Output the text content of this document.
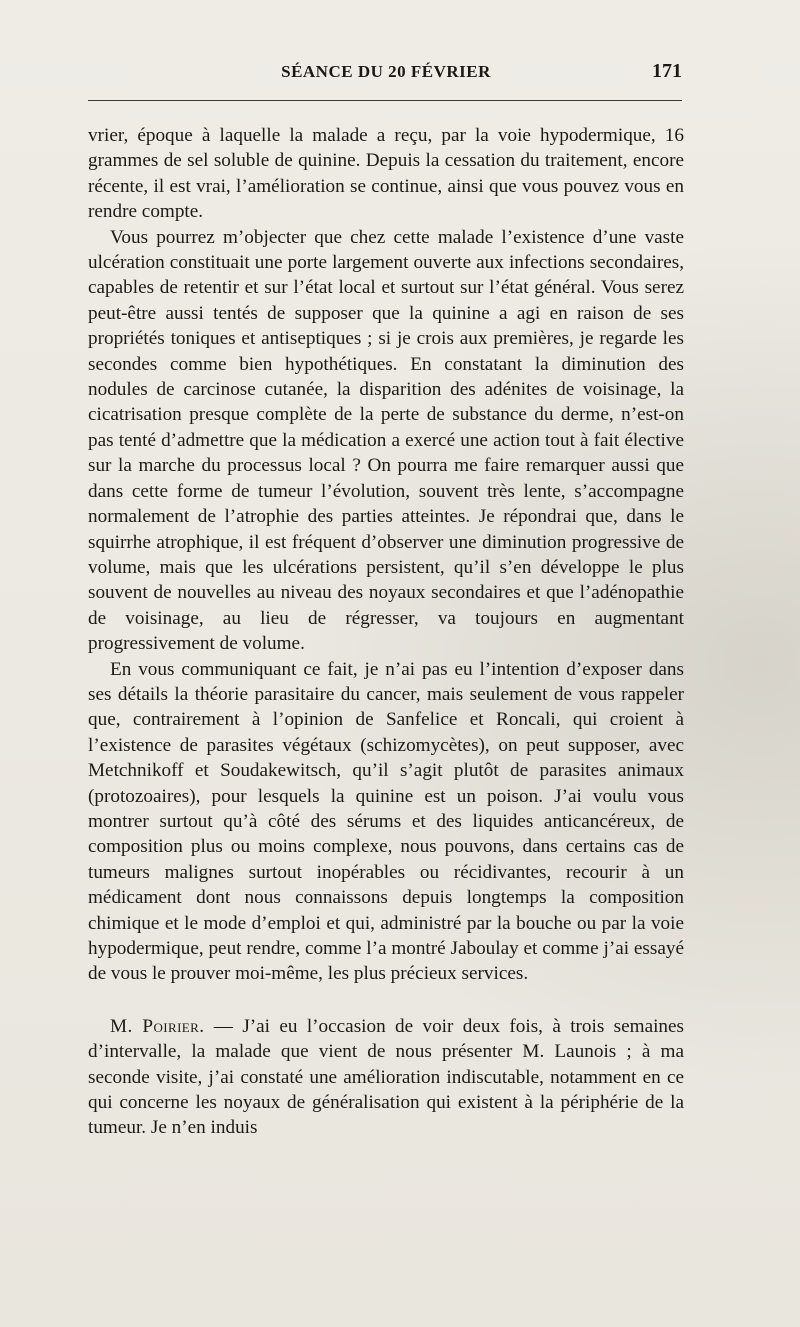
SÉANCE DU 20 FÉVRIER	171

vrier, époque à laquelle la malade a reçu, par la voie hypodermique, 16 grammes de sel soluble de quinine. Depuis la cessation du traitement, encore récente, il est vrai, l’amélioration se continue, ainsi que vous pouvez vous en rendre compte.

Vous pourrez m’objecter que chez cette malade l’existence d’une vaste ulcération constituait une porte largement ouverte aux infections secondaires, capables de retentir et sur l’état local et surtout sur l’état général. Vous serez peut-être aussi tentés de supposer que la quinine a agi en raison de ses propriétés toniques et antiseptiques ; si je crois aux premières, je regarde les secondes comme bien hypothétiques. En constatant la diminution des nodules de carcinose cutanée, la disparition des adénites de voisinage, la cicatrisation presque complète de la perte de substance du derme, n’est-on pas tenté d’admettre que la médication a exercé une action tout à fait élective sur la marche du processus local ? On pourra me faire remarquer aussi que dans cette forme de tumeur l’évolution, souvent très lente, s’accompagne normalement de l’atrophie des parties atteintes. Je répondrai que, dans le squirrhe atrophique, il est fréquent d’observer une diminution progressive de volume, mais que les ulcérations persistent, qu’il s’en développe le plus souvent de nouvelles au niveau des noyaux secondaires et que l’adénopathie de voisinage, au lieu de régresser, va toujours en augmentant progressivement de volume.

En vous communiquant ce fait, je n’ai pas eu l’intention d’exposer dans ses détails la théorie parasitaire du cancer, mais seulement de vous rappeler que, contrairement à l’opinion de Sanfelice et Roncali, qui croient à l’existence de parasites végétaux (schizomycètes), on peut supposer, avec Metchnikoff et Soudakewitsch, qu’il s’agit plutôt de parasites animaux (protozoaires), pour lesquels la quinine est un poison. J’ai voulu vous montrer surtout qu’à côté des sérums et des liquides anticancéreux, de composition plus ou moins complexe, nous pouvons, dans certains cas de tumeurs malignes surtout inopérables ou récidivantes, recourir à un médicament dont nous connaissons depuis longtemps la composition chimique et le mode d’emploi et qui, administré par la bouche ou par la voie hypodermique, peut rendre, comme l’a montré Jaboulay et comme j’ai essayé de vous le prouver moi-même, les plus précieux services.

M. Poirier. — J’ai eu l’occasion de voir deux fois, à trois semaines d’intervalle, la malade que vient de nous présenter M. Launois ; à ma seconde visite, j’ai constaté une amélioration indiscutable, notamment en ce qui concerne les noyaux de généralisation qui existent à la périphérie de la tumeur. Je n’en induis
